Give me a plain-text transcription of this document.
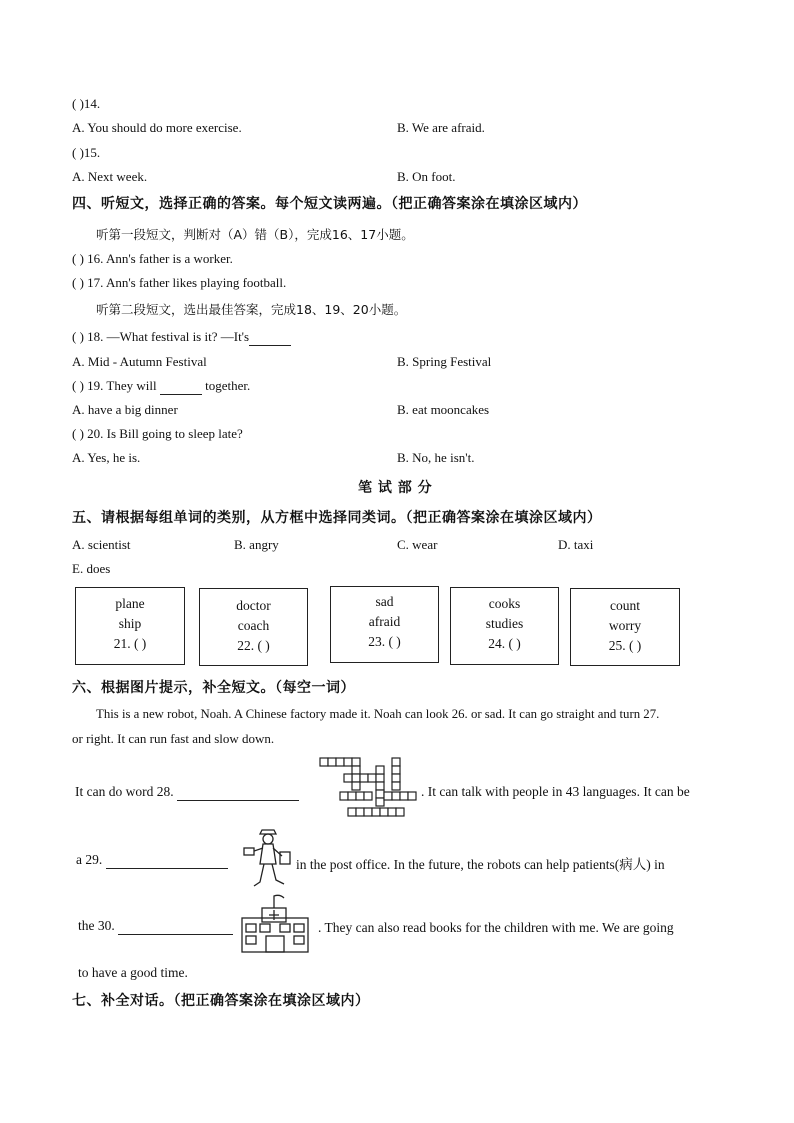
( )14.
A. You should do more exercise.	B. We are afraid.
( )15.
A. Next week.	B. On foot.
四、听短文，选择正确的答案。每个短文读两遍。（把正确答案涂在填涂区域内）
听第一段短文，判断对（A）错（B），完成16、17小题。
( ) 16. Ann's father is a worker.
( ) 17. Ann's father likes playing football.
听第二段短文，选出最佳答案，完成18、19、20小题。
( ) 18. —What festival is it? —It's
A. Mid - Autumn Festival	B. Spring Festival
( ) 19. They will	together.
A. have a big dinner	B. eat mooncakes
( ) 20. Is Bill going to sleep late?
A. Yes, he is.	B. No, he isn't.
笔 试 部 分
五、请根据每组单词的类别，从方框中选择同类词。（把正确答案涂在填涂区域内）
A. scientist	B. angry	C. wear	D. taxi
E. does
plane
ship
21. ( )
doctor
coach
22. ( )
sad
afraid
23. ( )
cooks
studies
24. ( )
count
worry
25. ( )
六、根据图片提示，补全短文。（每空一词）
This is a new robot, Noah. A Chinese factory made it. Noah can look 26. or sad. It can go straight and turn 27.
or right. It can run fast and slow down.
It can do word 28.	. It can talk with people in 43 languages. It can be
a 29.	in the post office. In the future, the robots can help patients(病人) in
the 30.	. They can also read books for the children with me. We are going
to have a good time.
七、补全对话。（把正确答案涂在填涂区域内）
